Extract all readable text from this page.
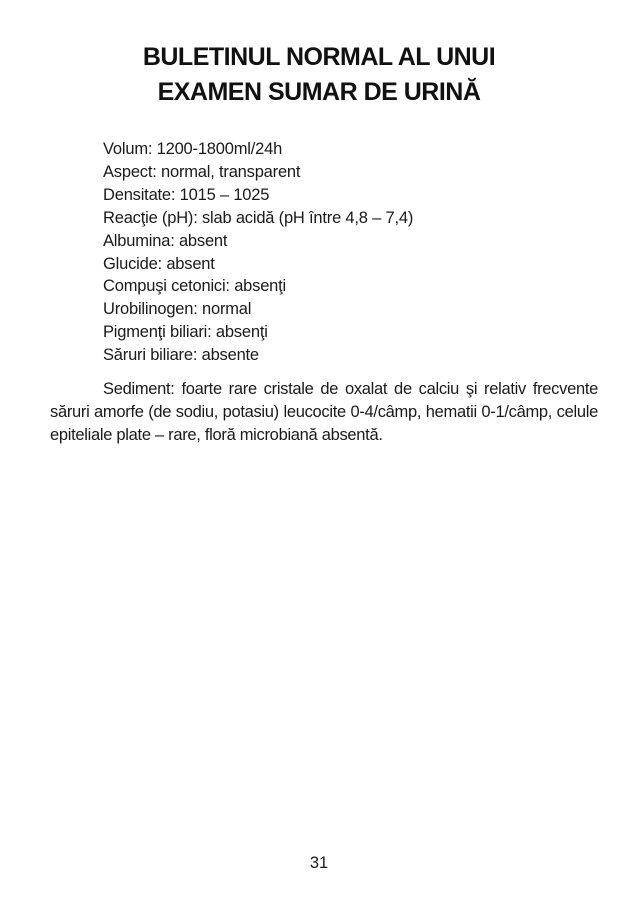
BULETINUL NORMAL AL UNUI
EXAMEN SUMAR DE URINĂ
Volum: 1200-1800ml/24h
Aspect: normal, transparent
Densitate: 1015 – 1025
Reacţie (pH): slab acidă (pH între 4,8 – 7,4)
Albumina: absent
Glucide: absent
Compuşi cetonici: absenţi
Urobilinogen: normal
Pigmenţi biliari: absenţi
Săruri biliare: absente
Sediment: foarte rare cristale de oxalat de calciu şi relativ frecvente săruri amorfe (de sodiu, potasiu) leucocite 0-4/câmp, hematii 0-1/câmp, celule epiteliale plate – rare, floră microbiană absentă.
31
